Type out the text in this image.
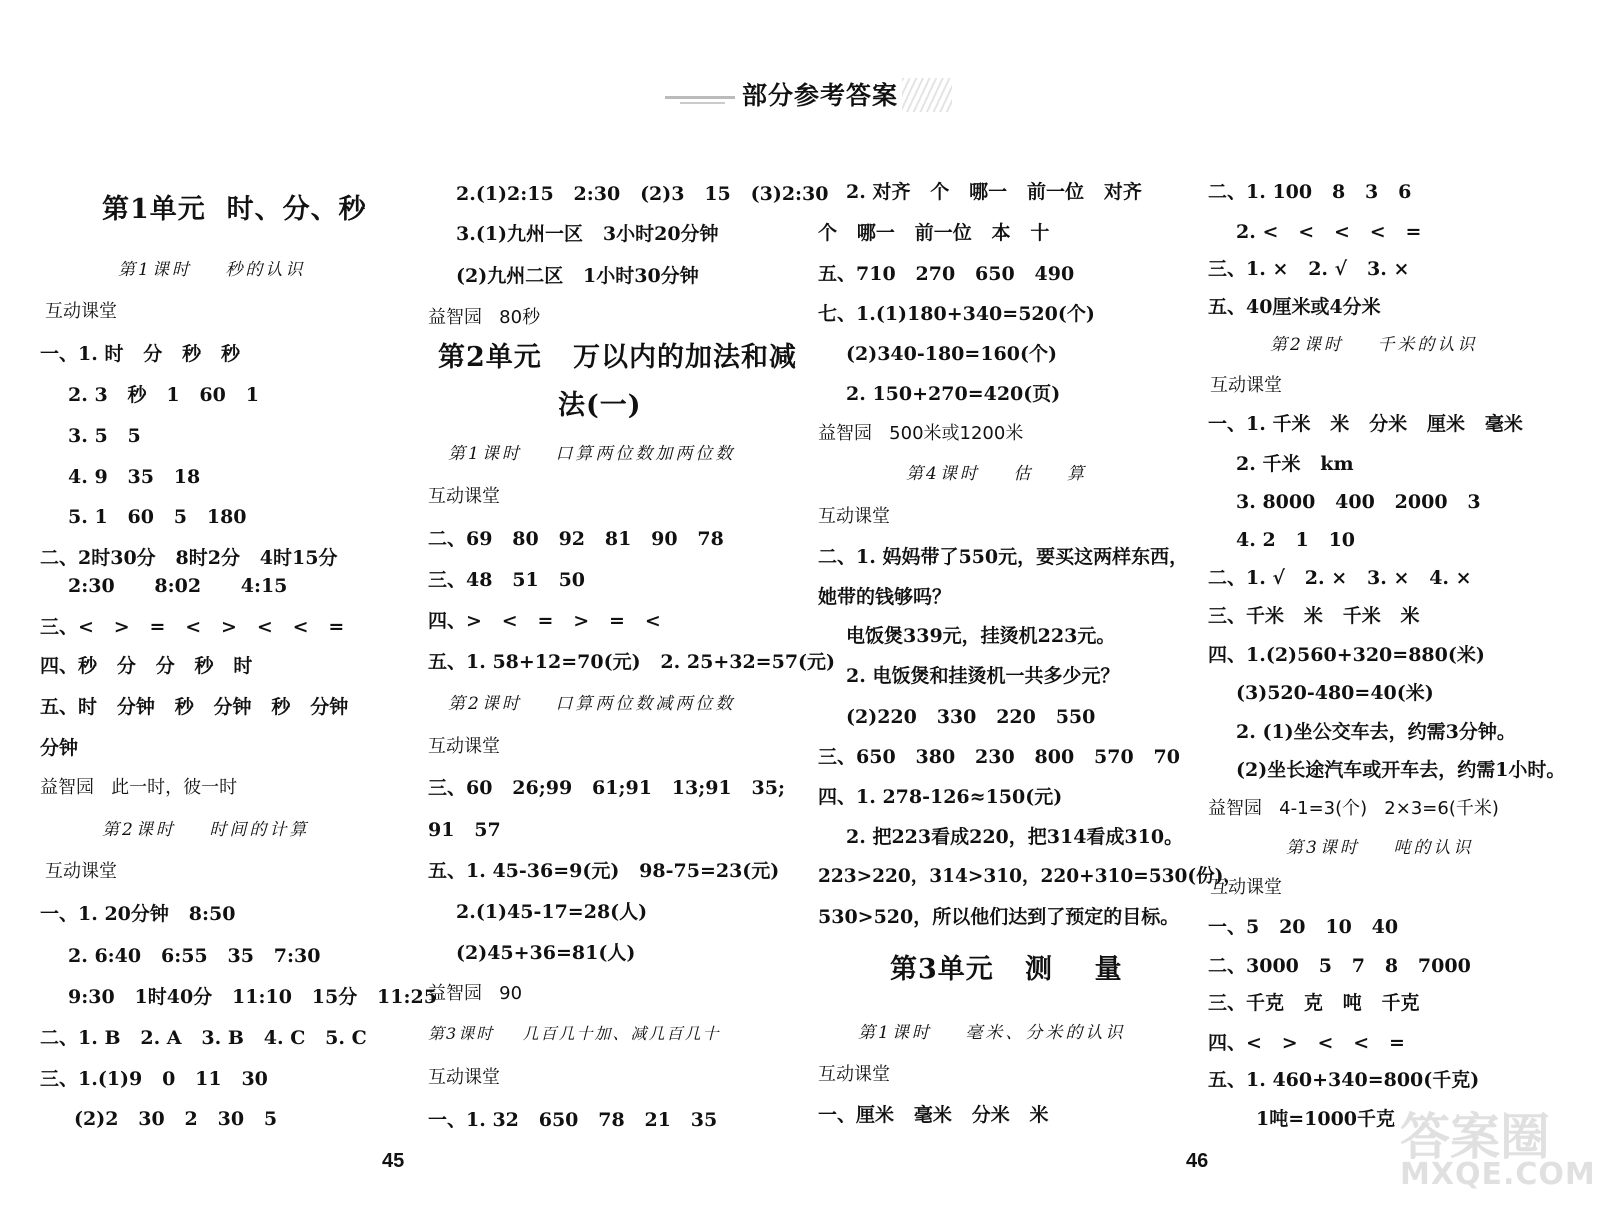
部分参考答案
第1单元  时、分、秒
第1课时    秒的认识
互动课堂
一、1. 时   分   秒   秒
2. 3   秒   1   60   1
3. 5   5
4. 9   35   18
5. 1   60   5   180
二、2时30分   8时2分   4时15分
2:30      8:02      4:15
三、<   >   =   <   >   <   <   =
四、秒   分   分   秒   时
五、时   分钟   秒   分钟   秒   分钟
分钟
益智园   此一时，彼一时
第2课时    时间的计算
互动课堂
一、1. 20分钟   8:50
2. 6:40   6:55   35   7:30
9:30   1时40分   11:10   15分   11:25
二、1. B   2. A   3. B   4. C   5. C
三、1.(1)9   0   11   30
(2)2   30   2   30   5
2.(1)2:15   2:30   (2)3   15   (3)2:30
3.(1)九州一区   3小时20分钟
(2)九州二区   1小时30分钟
益智园   80秒
第2单元   万以内的加法和减
法(一)
第1课时    口算两位数加两位数
互动课堂
二、69   80   92   81   90   78
三、48   51   50
四、>   <   =   >   =   <
五、1. 58+12=70(元)   2. 25+32=57(元)
第2课时    口算两位数减两位数
互动课堂
三、60   26;99   61;91   13;91   35;
91   57
五、1. 45-36=9(元)   98-75=23(元)
2.(1)45-17=28(人)
(2)45+36=81(人)
益智园   90
第3课时    几百几十加、减几百几十
互动课堂
一、1. 32   650   78   21   35
2. 对齐   个   哪一   前一位   对齐
个   哪一   前一位   本   十
五、710   270   650   490
七、1.(1)180+340=520(个)
(2)340-180=160(个)
2. 150+270=420(页)
益智园   500米或1200米
第4课时    估    算
互动课堂
二、1. 妈妈带了550元，要买这两样东西，
她带的钱够吗？
电饭煲339元，挂烫机223元。
2. 电饭煲和挂烫机一共多少元？
(2)220   330   220   550
三、650   380   230   800   570   70
四、1. 278-126≈150(元)
2. 把223看成220，把314看成310。
223>220，314>310，220+310=530(份)，
530>520，所以他们达到了预定的目标。
第3单元   测    量
第1课时    毫米、分米的认识
互动课堂
一、厘米   毫米   分米   米
二、1. 100   8   3   6
2. <   <   <   <   =
三、1. ×   2. √   3. ×
五、40厘米或4分米
第2课时    千米的认识
互动课堂
一、1. 千米   米   分米   厘米   毫米
2. 千米   km
3. 8000   400   2000   3
4. 2   1   10
二、1. √   2. ×   3. ×   4. ×
三、千米   米   千米   米
四、1.(2)560+320=880(米)
(3)520-480=40(米)
2. (1)坐公交车去，约需3分钟。
(2)坐长途汽车或开车去，约需1小时。
益智园   4-1=3(个)   2×3=6(千米)
第3课时    吨的认识
互动课堂
一、5   20   10   40
二、3000   5   7   8   7000
三、千克   克   吨   千克
四、<   >   <   <   =
五、1. 460+340=800(千克)
1吨=1000千克
45	46	答案圈
MXQE.COM
